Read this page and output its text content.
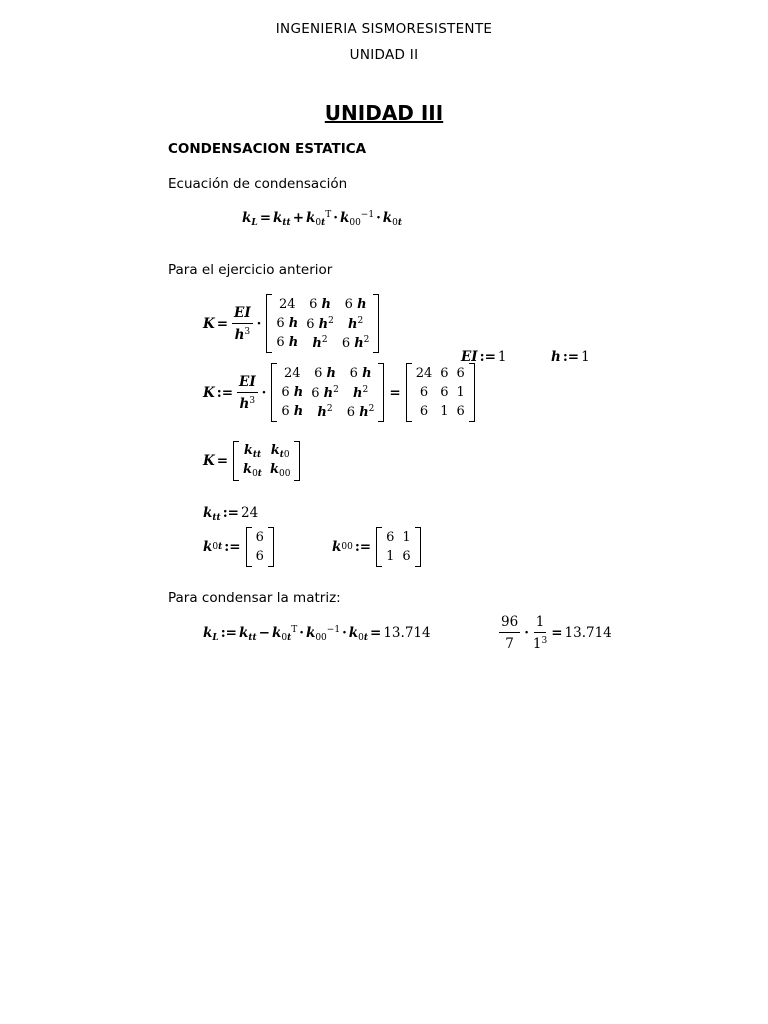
INGENIERIA SISMORESISTENTE
UNIDAD II
UNIDAD III
CONDENSACION ESTATICA
Ecuación de condensación
$k_L = k_{tt} + k_{0t}^T \cdot k_{00}^{-1} \cdot k_{0t}$
Para el ejercicio anterior
$K = \frac{EI}{h^3}$ ·
24	6 h	6 h
6 h	6 $h^2$	$h^2$
6 h	$h^2$	6 $h^2$
EI := 1	h := 1
K := $\frac{EI}{h^3}$ ·
24	6 h	6 h
6 h	6 $h^2$	$h^2$
6 h	$h^2$	6 $h^2$
=
24	6	6
6	6	1
6	1	6
K =
$k_{tt}$	$k_{t0}$
$k_{0t}$	$k_{00}$
$k_{tt}$ := 24
k 0t :=
6
6
k 00 :=
6	1
1	6
Para condensar la matriz:
$k_L$ := $k_{tt} - k_{0t}^T \cdot k_{00}^{-1} \cdot k_{0t} = 13.714$	$\frac{96}{7} \cdot \frac{1}{1^3} = 13.714$
